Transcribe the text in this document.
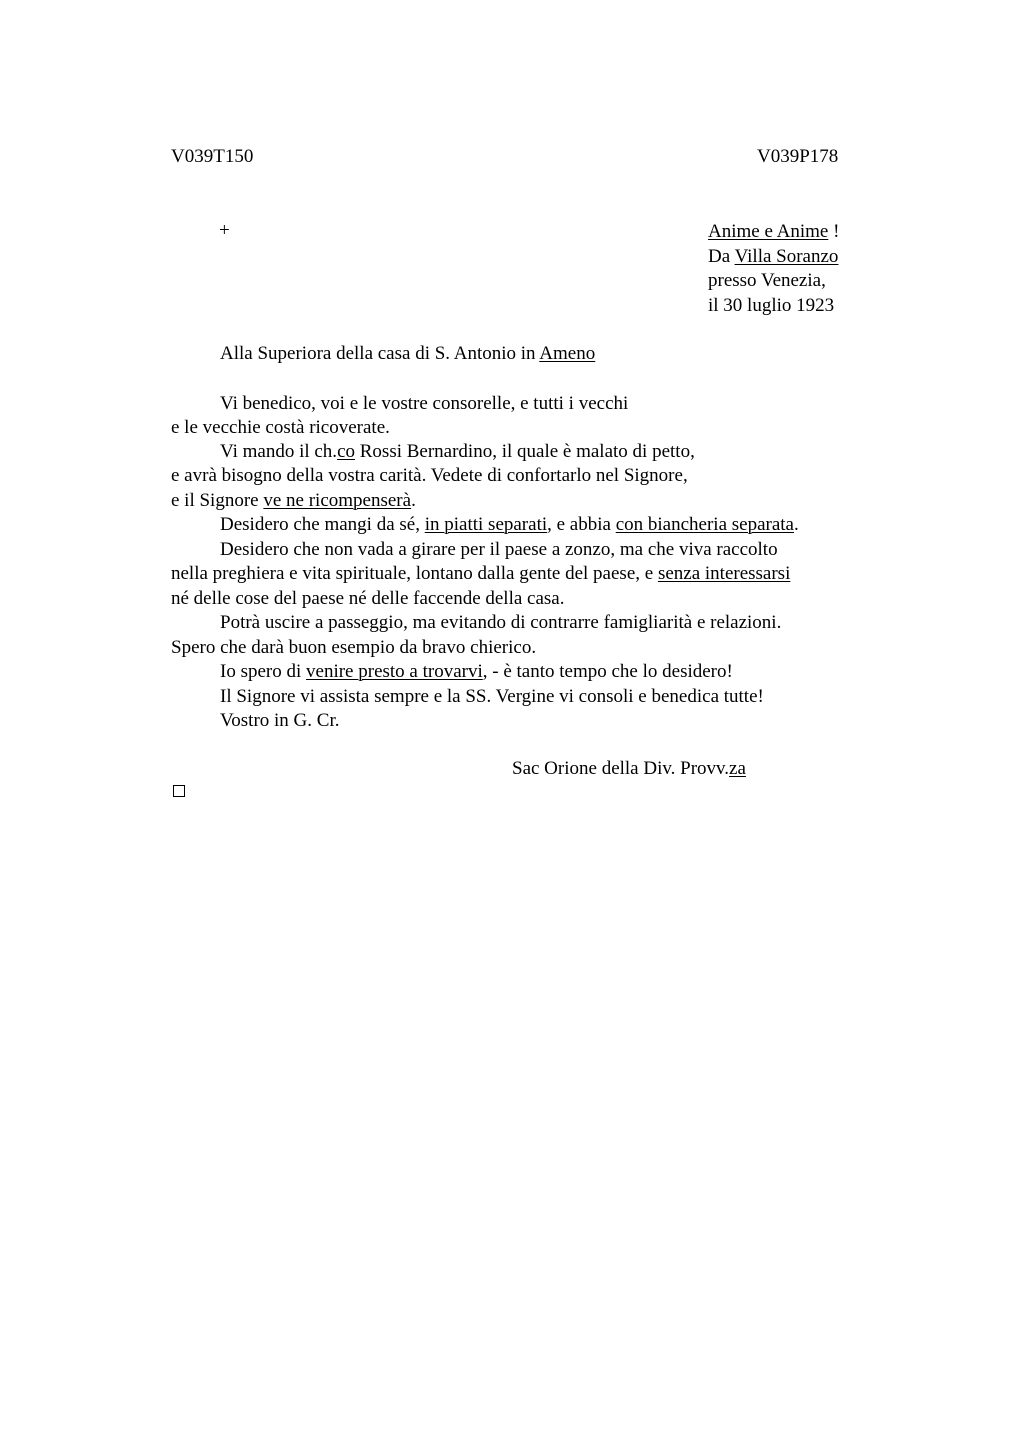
V039T150	V039P178
+	Anime e Anime !
Da Villa Soranzo
presso Venezia,
il 30 luglio 1923
Alla Superiora della casa di S. Antonio in Ameno
Vi benedico, voi e le vostre consorelle, e tutti i vecchi
e le vecchie costà ricoverate.
Vi mando il ch.co Rossi Bernardino, il quale è malato di petto,
e avrà bisogno della vostra carità. Vedete di confortarlo nel Signore,
e il Signore ve ne ricompenserà.
Desidero che mangi da sé, in piatti separati, e abbia con biancheria separata.
Desidero che non vada a girare per il paese a zonzo, ma che viva raccolto
nella preghiera e vita spirituale, lontano dalla gente del paese, e senza interessarsi
né delle cose del paese né delle faccende della casa.
Potrà uscire a passeggio, ma evitando di contrarre famigliarità e relazioni.
Spero che darà buon esempio da bravo chierico.
Io spero di venire presto a trovarvi, - è tanto tempo che lo desidero!
Il Signore vi assista sempre e la SS. Vergine vi consoli e benedica tutte!
Vostro in G. Cr.
Sac Orione della Div. Provv.za
